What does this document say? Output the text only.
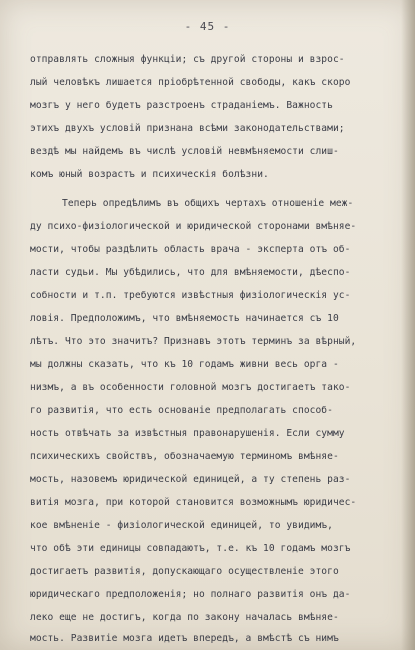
- 45 -
отправлять сложныя функціи; съ другой стороны и взрос-
лый человѣкъ лишается пріобрѣтенной свободы, какъ скоро
мозгъ у него будетъ разстроенъ страданіемъ. Важность
этихъ двухъ условій признана всѣми законодательствами;
вездѣ мы найдемъ въ числѣ условій невмѣняемости слиш-
комъ юный возрастъ и психическія болѣзни.
Теперь опредѣлимъ въ общихъ чертахъ отношеніе меж-
ду психо-физіологической и юридической сторонами вмѣняе-
мости, чтобы раздѣлить область врача - эксперта отъ об-
ласти судьи. Мы убѣдились, что для вмѣняемости, дѣеспо-
собности и т.п. требуются извѣстныя физіологическія ус-
ловія. Предположимъ, что вмѣняемость начинается съ 10
лѣтъ. Что это значитъ? Признавъ этотъ терминъ за вѣрный,
мы должны сказать, что къ 10 годамъ живни весь орга -
низмъ, а въ особенности головной мозгъ достигаетъ тако-
го развитія, что есть основаніе предполагать способ-
ность отвѣчать за извѣстныя правонарушенія. Если сумму
психическихъ свойствъ, обозначаемую терминомъ вмѣняе-
мость, назовемъ юридической единицей, а ту степень раз-
витія мозга, при которой становится возможнымъ юридичес-
кое вмѣненіе - физіологической единицей, то увидимъ,
что обѣ эти единицы совпадаютъ, т.е. къ 10 годамъ мозгъ
достигаетъ развитія, допускающаго осуществленіе этого
юридическаго предположенія; но полнаго развитія онъ да-
леко еще не достигъ, когда по закону началась вмѣняе-
мость. Развитіе мозга идетъ впередъ, а вмѣстѣ съ нимъ
